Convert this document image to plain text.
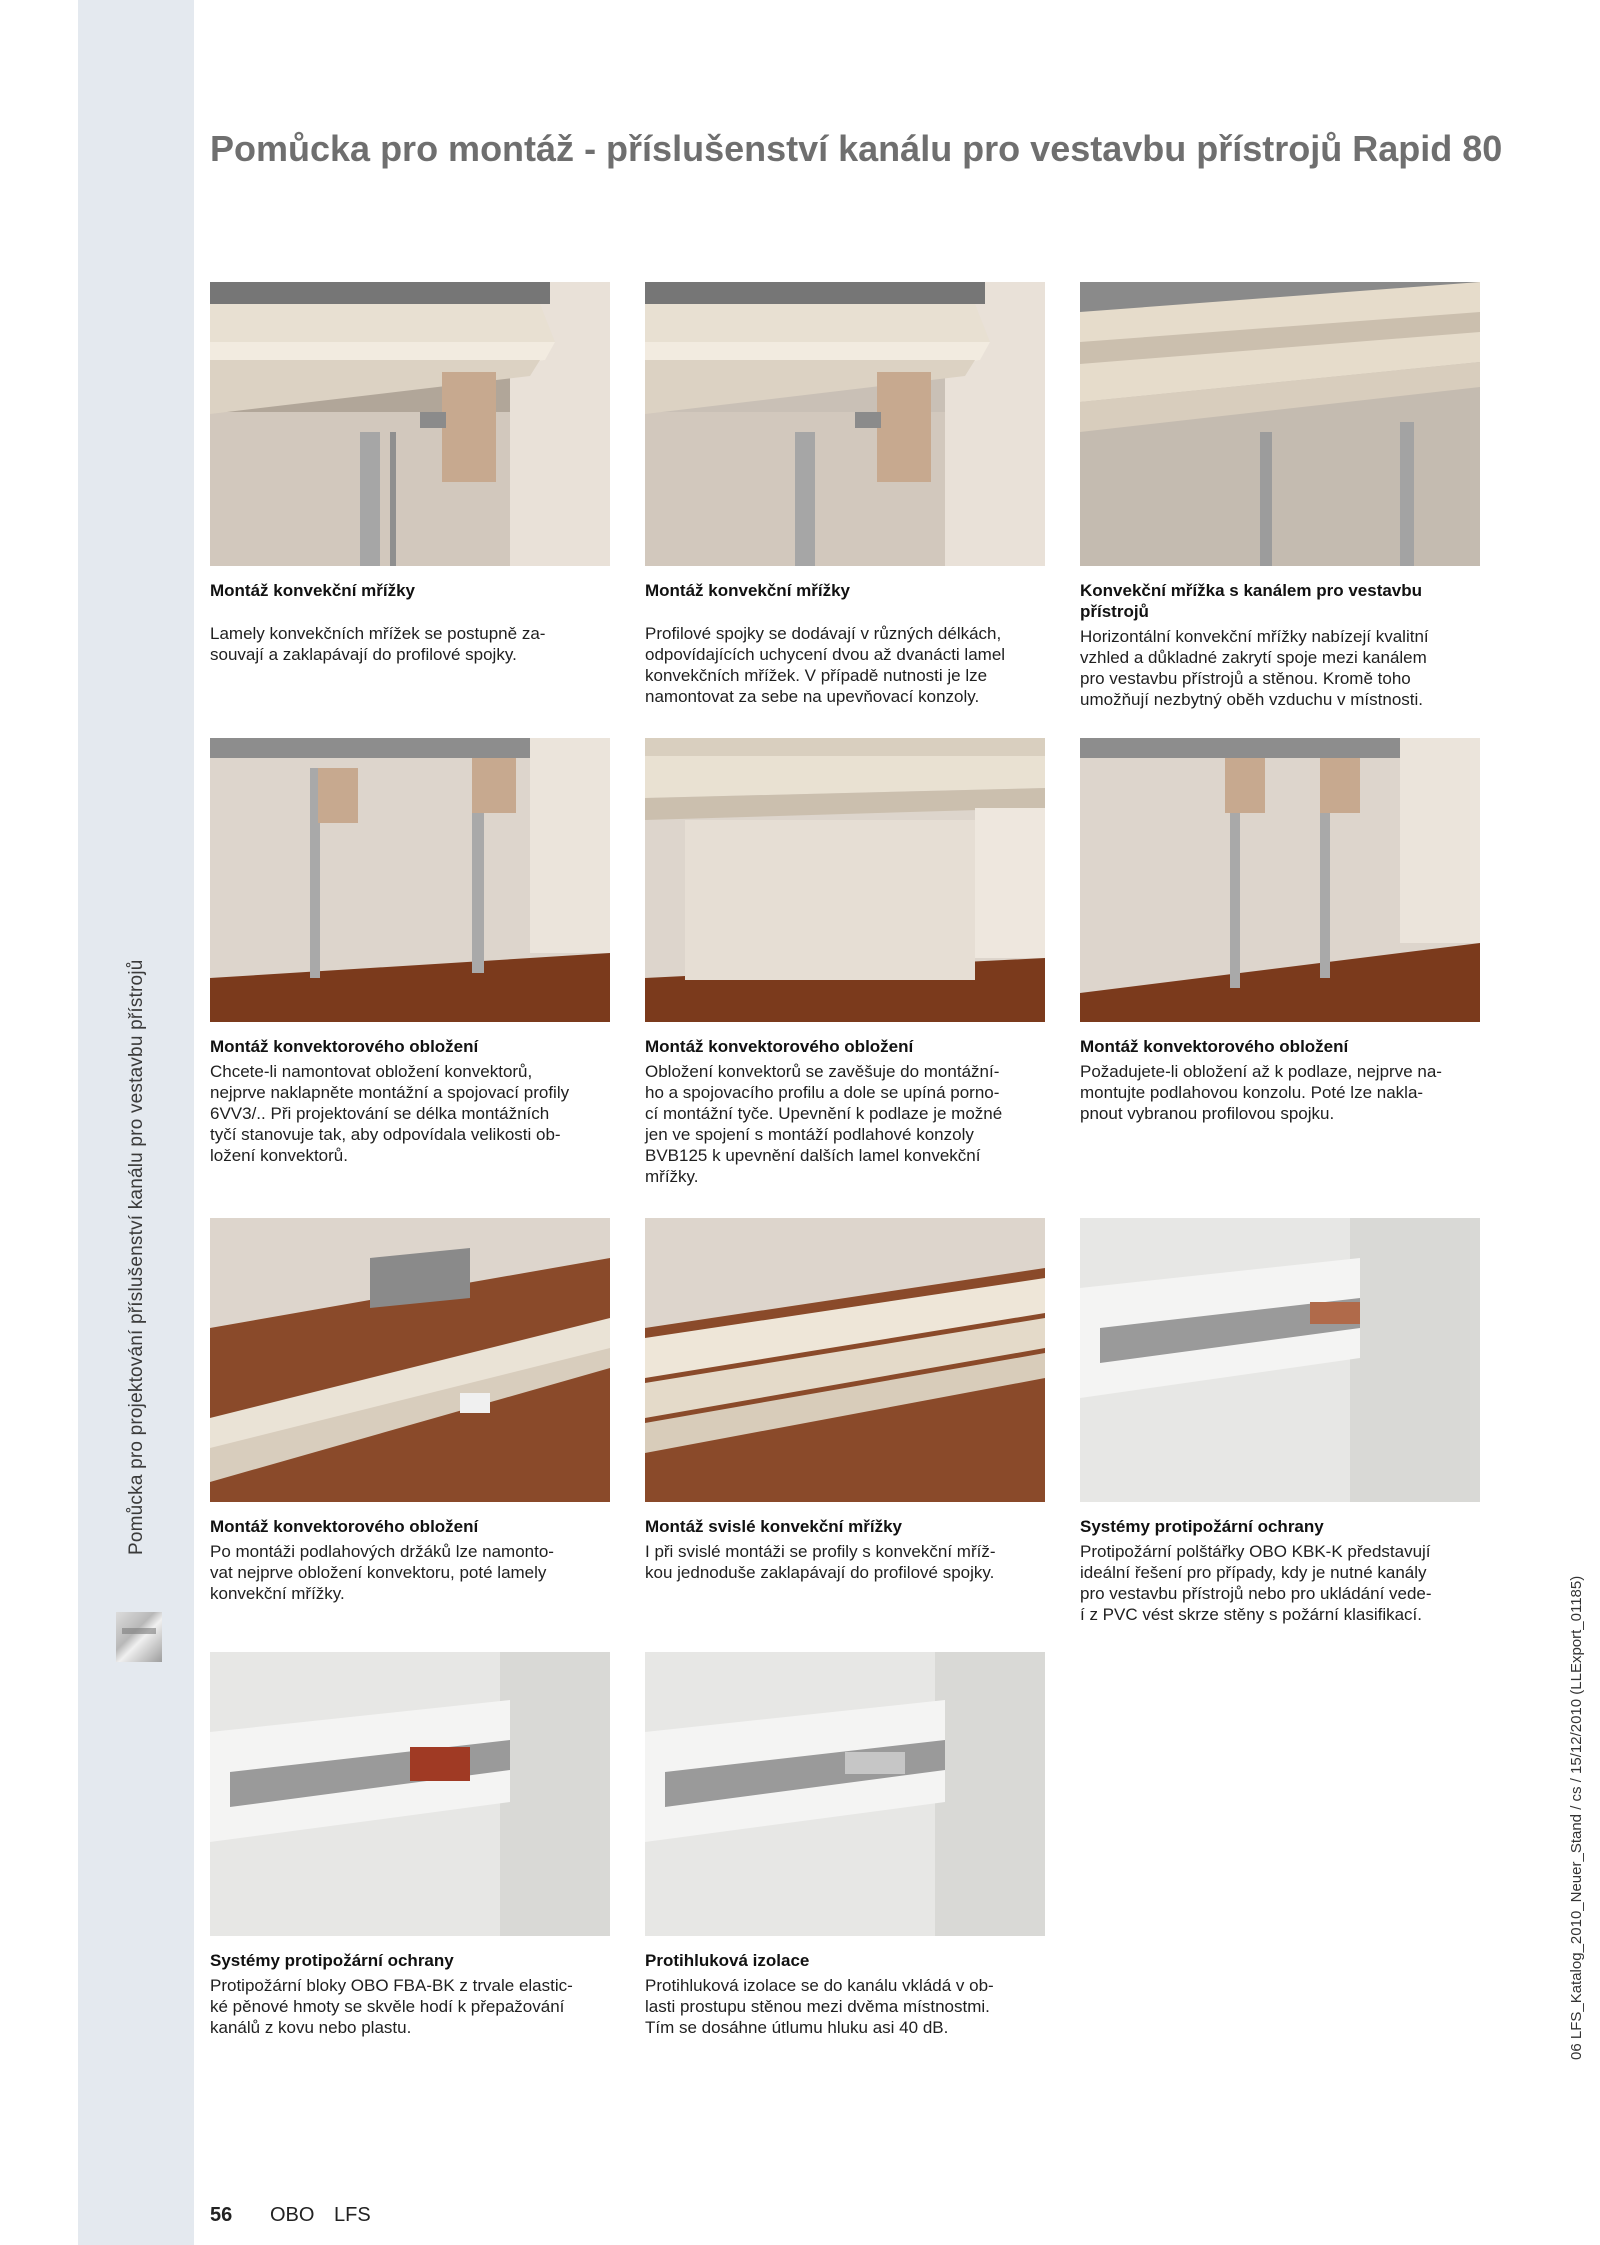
Pomůcka pro projektování příslušenství kanálu pro vestavbu přístrojů
Pomůcka pro montáž - příslušenství kanálu pro vestavbu přístrojů Rapid 80
Montáž konvekční mřížky
Lamely konvekčních mřížek se postupně za-
souvají a zaklapávají do profilové spojky.
Montáž konvekční mřížky
Profilové spojky se dodávají v různých délkách,
odpovídajících uchycení dvou až dvanácti lamel
konvekčních mřížek. V případě nutnosti je lze
namontovat za sebe na upevňovací konzoly.
Konvekční mřížka s kanálem pro vestavbu
přístrojů
Horizontální konvekční mřížky nabízejí kvalitní
vzhled a důkladné zakrytí spoje mezi kanálem
pro vestavbu přístrojů a stěnou. Kromě toho
umožňují nezbytný oběh vzduchu v místnosti.
Montáž konvektorového obložení
Chcete-li namontovat obložení konvektorů,
nejprve naklapněte montážní a spojovací profily
6VV3/.. Při projektování se délka montážních
tyčí stanovuje tak, aby odpovídala velikosti ob-
ložení konvektorů.
Montáž konvektorového obložení
Obložení konvektorů se zavěšuje do montážní-
ho a spojovacího profilu a dole se upíná porno-
cí montážní tyče. Upevnění k podlaze je možné
jen ve spojení s montáží podlahové konzoly
BVB125 k upevnění dalších lamel konvekční
mřížky.
Montáž konvektorového obložení
Požadujete-li obložení až k podlaze, nejprve na-
montujte podlahovou konzolu. Poté lze nakla-
pnout vybranou profilovou spojku.
Montáž konvektorového obložení
Po montáži podlahových držáků lze namonto-
vat nejprve obložení konvektoru, poté lamely
konvekční mřížky.
Montáž svislé konvekční mřížky
I při svislé montáži se profily s konvekční mříž-
kou jednoduše zaklapávají do profilové spojky.
Systémy protipožární ochrany
Protipožární polštářky OBO KBK-K představují
ideální řešení pro případy, kdy je nutné kanály
pro vestavbu přístrojů nebo pro ukládání vede-
í z PVC vést skrze stěny s požární klasifikací.
Systémy protipožární ochrany
Protipožární bloky OBO FBA-BK z trvale elastic-
ké pěnové hmoty se skvěle hodí k přepažování
kanálů z kovu nebo plastu.
Protihluková izolace
Protihluková izolace se do kanálu vkládá v ob-
lasti prostupu stěnou mezi dvěma místnostmi.
Tím se dosáhne útlumu hluku asi 40 dB.
56 OBO LFS
06 LFS_Katalog_2010_Neuer_Stand / cs / 15/12/2010 (LLExport_01185)
